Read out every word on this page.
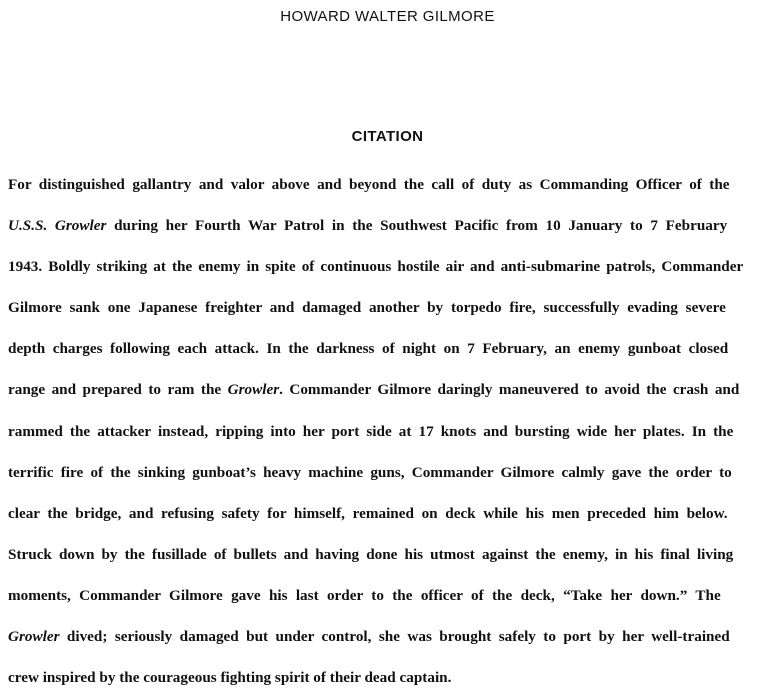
HOWARD WALTER GILMORE
CITATION
For distinguished gallantry and valor above and beyond the call of duty as Commanding Officer of the
U.S.S. Growler during her Fourth War Patrol in the Southwest Pacific from 10 January to 7 February
1943. Boldly striking at the enemy in spite of continuous hostile air and anti-submarine patrols, Commander
Gilmore sank one Japanese freighter and damaged another by torpedo fire, successfully evading severe
depth charges following each attack. In the darkness of night on 7 February, an enemy gunboat closed
range and prepared to ram the Growler. Commander Gilmore daringly maneuvered to avoid the crash and
rammed the attacker instead, ripping into her port side at 17 knots and bursting wide her plates. In the
terrific fire of the sinking gunboat’s heavy machine guns, Commander Gilmore calmly gave the order to
clear the bridge, and refusing safety for himself, remained on deck while his men preceded him below.
Struck down by the fusillade of bullets and having done his utmost against the enemy, in his final living
moments, Commander Gilmore gave his last order to the officer of the deck, “Take her down.” The
Growler dived; seriously damaged but under control, she was brought safely to port by her well-trained
crew inspired by the courageous fighting spirit of their dead captain.
